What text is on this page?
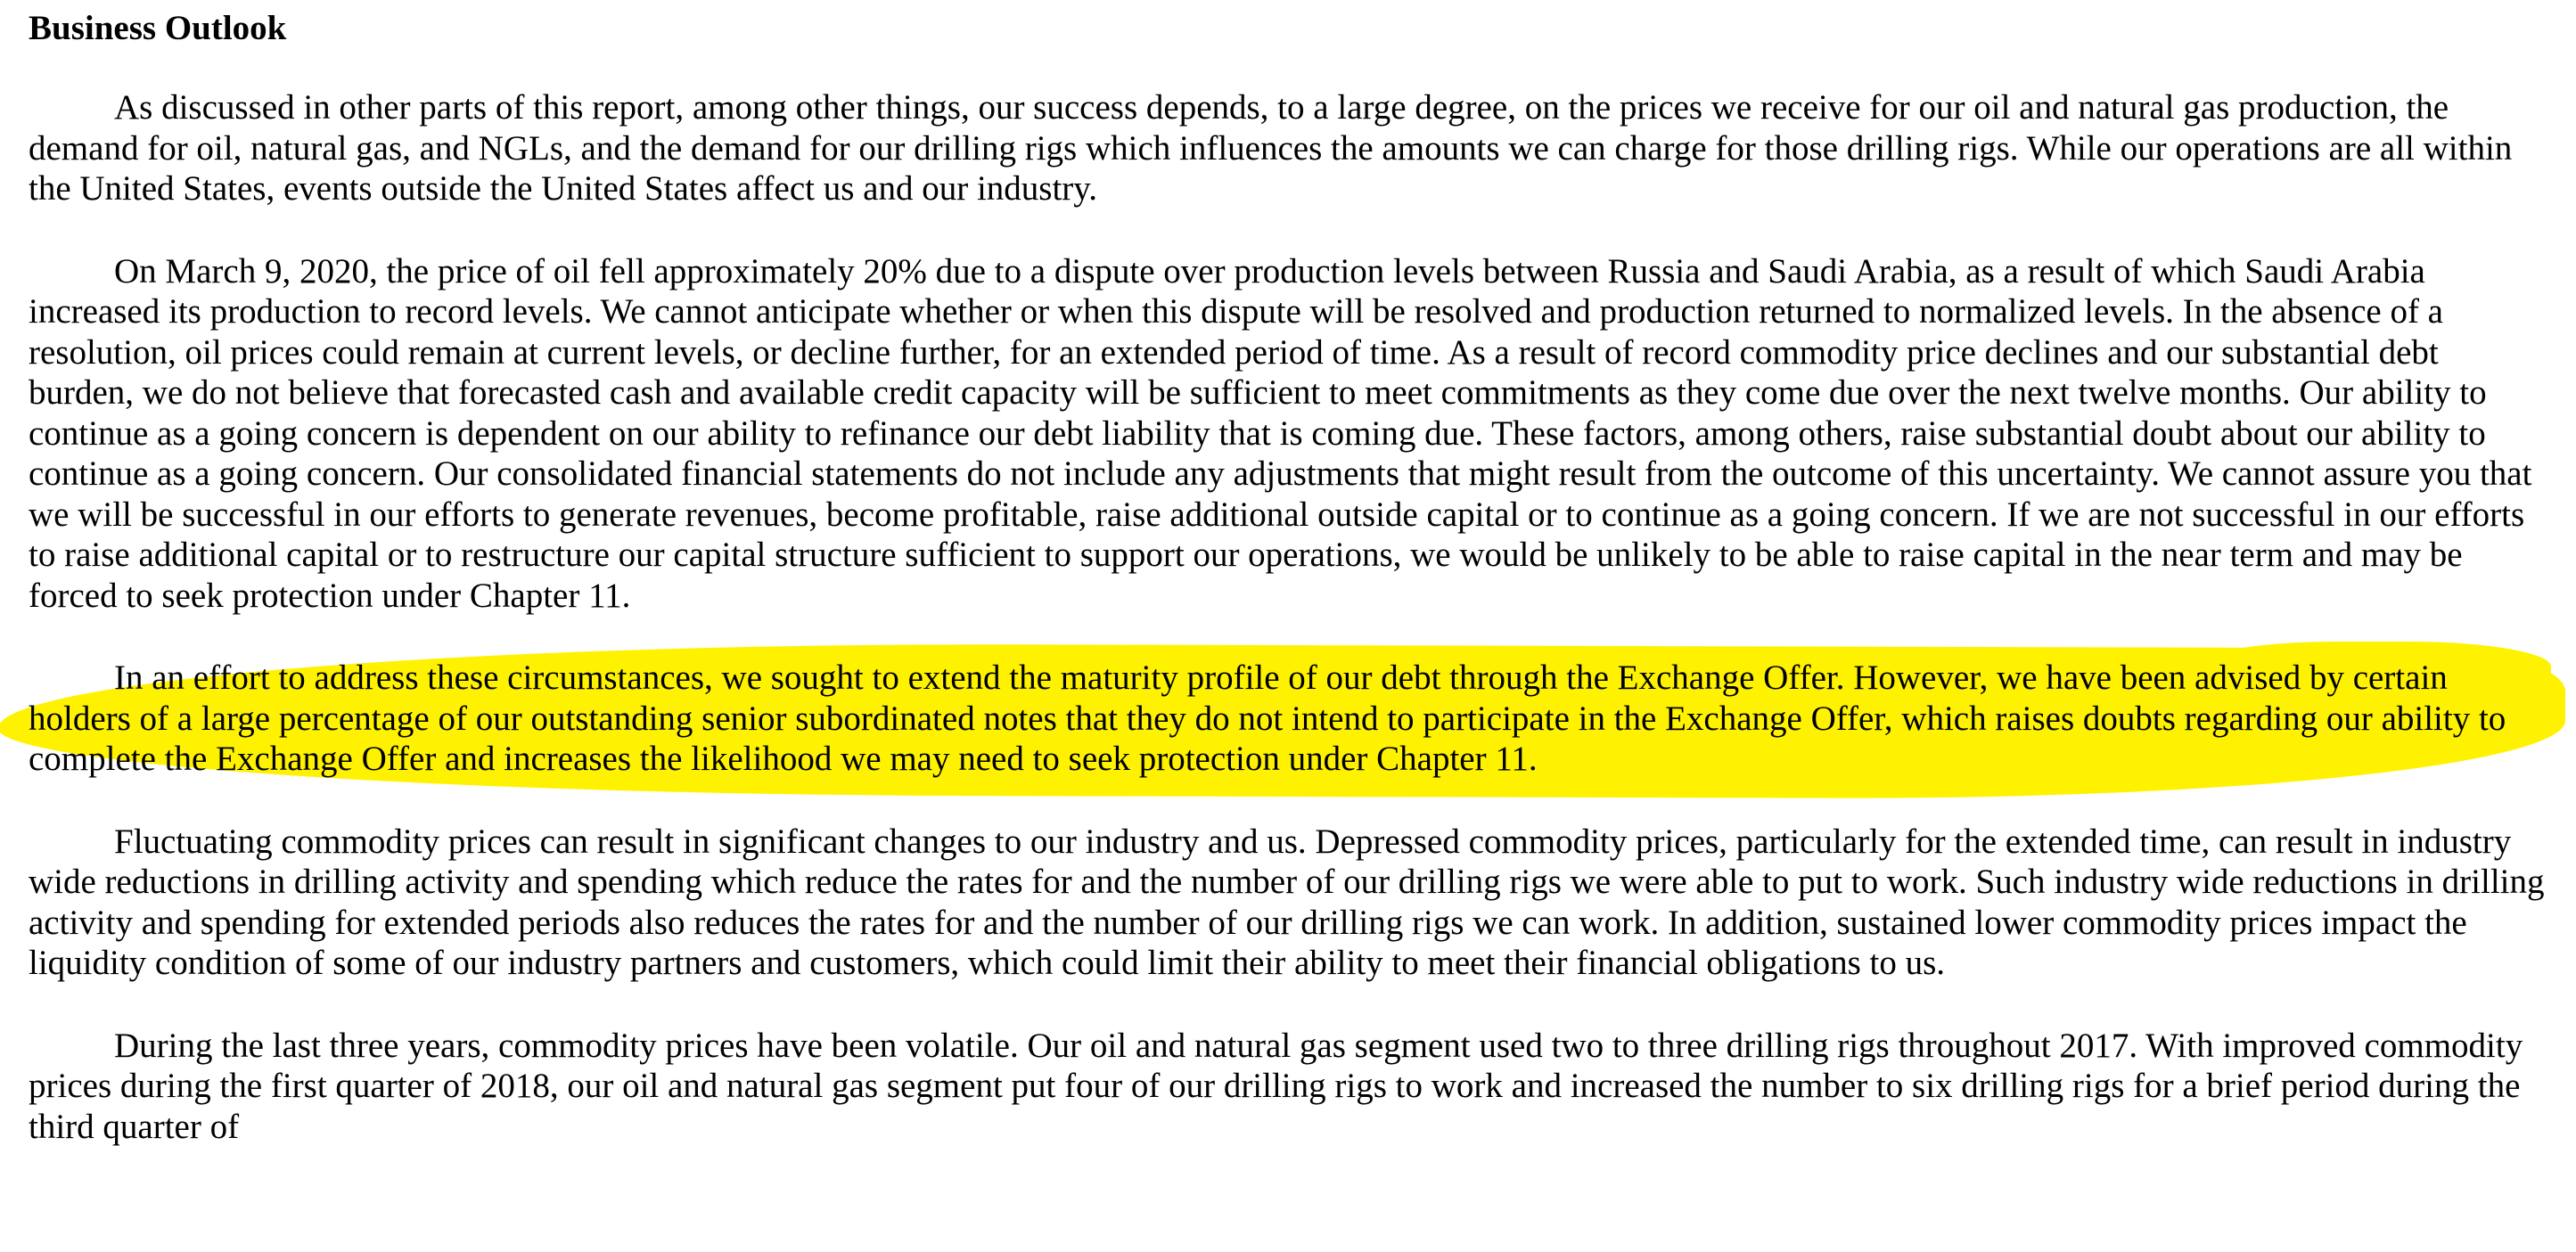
Business Outlook

As discussed in other parts of this report, among other things, our success depends, to a large degree, on the prices we receive for our oil and natural gas production, the demand for oil, natural gas, and NGLs, and the demand for our drilling rigs which influences the amounts we can charge for those drilling rigs. While our operations are all within the United States, events outside the United States affect us and our industry.

On March 9, 2020, the price of oil fell approximately 20% due to a dispute over production levels between Russia and Saudi Arabia, as a result of which Saudi Arabia increased its production to record levels. We cannot anticipate whether or when this dispute will be resolved and production returned to normalized levels. In the absence of a resolution, oil prices could remain at current levels, or decline further, for an extended period of time. As a result of record commodity price declines and our substantial debt burden, we do not believe that forecasted cash and available credit capacity will be sufficient to meet commitments as they come due over the next twelve months. Our ability to continue as a going concern is dependent on our ability to refinance our debt liability that is coming due. These factors, among others, raise substantial doubt about our ability to continue as a going concern. Our consolidated financial statements do not include any adjustments that might result from the outcome of this uncertainty. We cannot assure you that we will be successful in our efforts to generate revenues, become profitable, raise additional outside capital or to continue as a going concern. If we are not successful in our efforts to raise additional capital or to restructure our capital structure sufficient to support our operations, we would be unlikely to be able to raise capital in the near term and may be forced to seek protection under Chapter 11.

In an effort to address these circumstances, we sought to extend the maturity profile of our debt through the Exchange Offer. However, we have been advised by certain holders of a large percentage of our outstanding senior subordinated notes that they do not intend to participate in the Exchange Offer, which raises doubts regarding our ability to complete the Exchange Offer and increases the likelihood we may need to seek protection under Chapter 11.

Fluctuating commodity prices can result in significant changes to our industry and us. Depressed commodity prices, particularly for the extended time, can result in industry wide reductions in drilling activity and spending which reduce the rates for and the number of our drilling rigs we were able to put to work. Such industry wide reductions in drilling activity and spending for extended periods also reduces the rates for and the number of our drilling rigs we can work. In addition, sustained lower commodity prices impact the liquidity condition of some of our industry partners and customers, which could limit their ability to meet their financial obligations to us.

During the last three years, commodity prices have been volatile. Our oil and natural gas segment used two to three drilling rigs throughout 2017. With improved commodity prices during the first quarter of 2018, our oil and natural gas segment put four of our drilling rigs to work and increased the number to six drilling rigs for a brief period during the third quarter of
